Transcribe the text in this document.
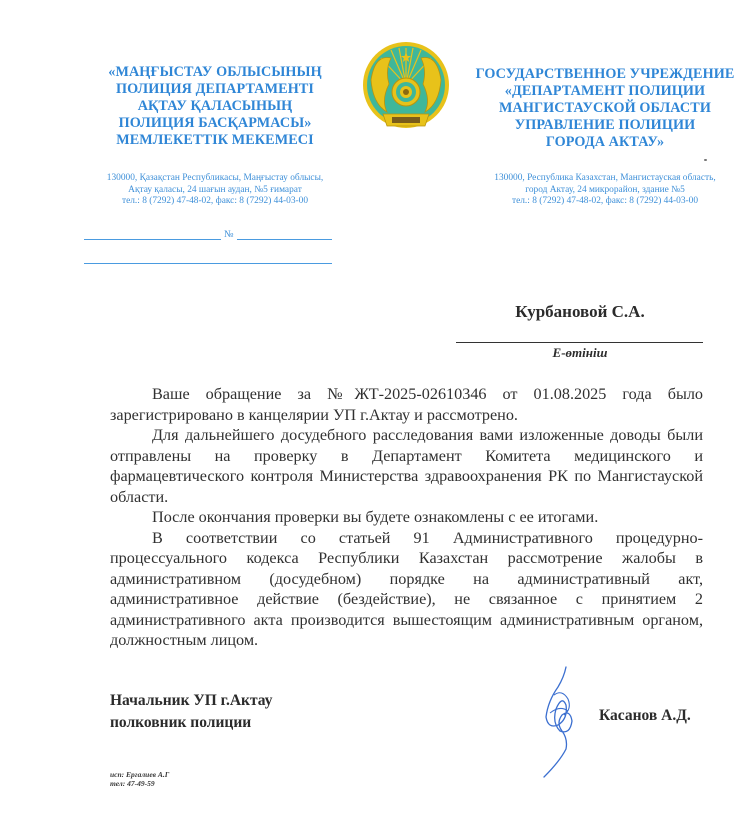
«МАҢҒЫСТАУ ОБЛЫСЫНЫҢ
ПОЛИЦИЯ ДЕПАРТАМЕНТІ
АҚТАУ ҚАЛАСЫНЫҢ
ПОЛИЦИЯ БАСҚАРМАСЫ»
МЕМЛЕКЕТТІК МЕКЕМЕСІ
ГОСУДАРСТВЕННОЕ УЧРЕЖДЕНИЕ
«ДЕПАРТАМЕНТ ПОЛИЦИИ
МАНГИСТАУСКОЙ ОБЛАСТИ
УПРАВЛЕНИЕ ПОЛИЦИИ
ГОРОДА АКТАУ»
130000, Қазақстан Республикасы, Маңғыстау облысы,
Ақтау қаласы, 24 шағын аудан, №5 ғимарат
тел.: 8 (7292) 47-48-02, факс: 8 (7292) 44-03-00
130000, Республика Казахстан, Мангистауская область,
город Актау, 24 микрорайон, здание №5
тел.: 8 (7292) 47-48-02, факс: 8 (7292) 44-03-00
№
Курбановой С.А.
Е-өтініш

Ваше обращение за №ЖТ-2025-02610346 от 01.08.2025 года было зарегистрировано в канцелярии УП г.Актау и рассмотрено.

Для дальнейшего досудебного расследования вами изложенные доводы были отправлены на проверку в Департамент Комитета медицинского и фармацевтического контроля Министерства здравоохранения РК по Мангистауской области.

После окончания проверки вы будете ознакомлены с ее итогами.

В соответствии со статьей 91 Административного процедурно-процессуального кодекса Республики Казахстан рассмотрение жалобы в административном (досудебном) порядке на административный акт, административное действие (бездействие), не связанное с принятием 2 административного акта производится вышестоящим административным органом, должностным лицом.

Начальник УП г.Актау
полковник полиции	Касанов А.Д.
исп: Ергалиев А.Г
тел: 47-49-59
